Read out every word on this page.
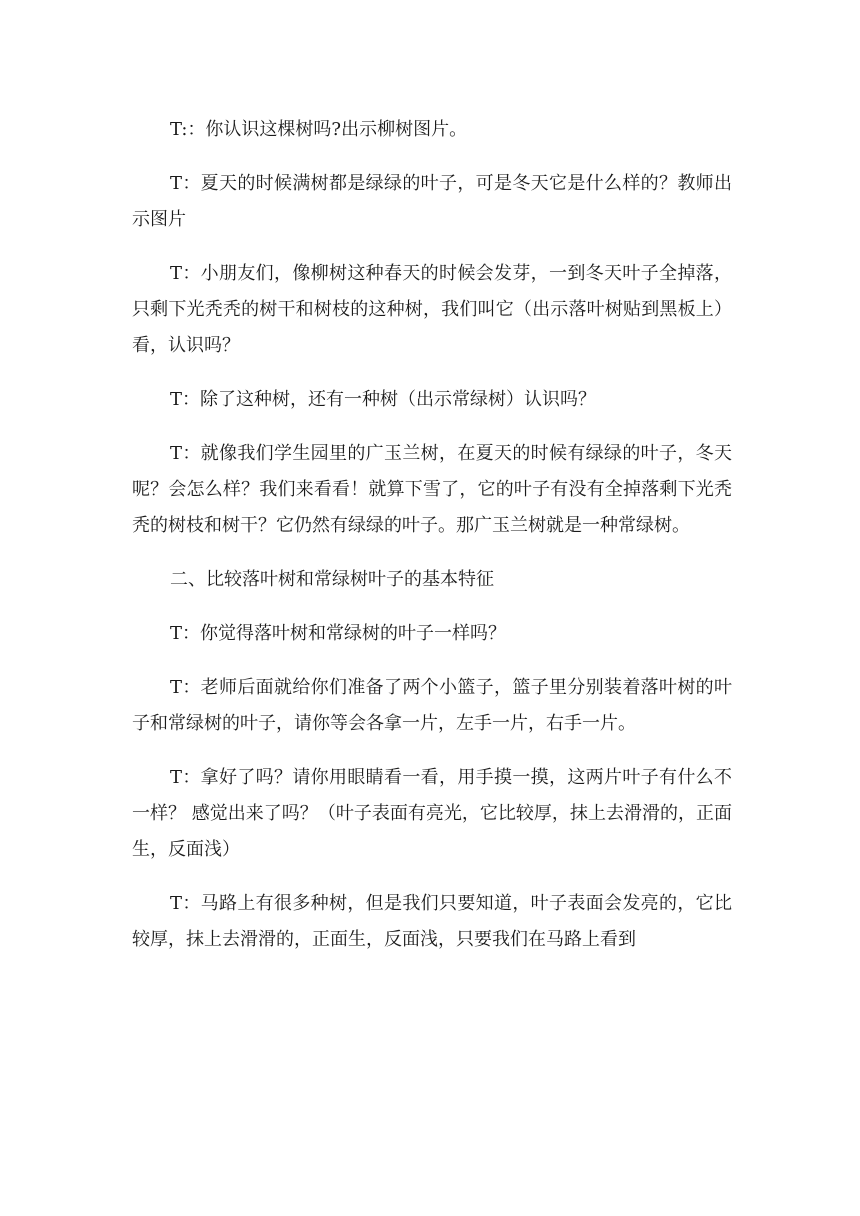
T:：你认识这棵树吗?出示柳树图片。

T：夏天的时候满树都是绿绿的叶子，可是冬天它是什么样的？教师出示图片

T：小朋友们，像柳树这种春天的时候会发芽，一到冬天叶子全掉落，只剩下光秃秃的树干和树枝的这种树，我们叫它（出示落叶树贴到黑板上）看，认识吗？

T：除了这种树，还有一种树（出示常绿树）认识吗？

T：就像我们学生园里的广玉兰树，在夏天的时候有绿绿的叶子，冬天呢？会怎么样？我们来看看！就算下雪了，它的叶子有没有全掉落剩下光秃秃的树枝和树干？它仍然有绿绿的叶子。那广玉兰树就是一种常绿树。

二、比较落叶树和常绿树叶子的基本特征

T：你觉得落叶树和常绿树的叶子一样吗？

T：老师后面就给你们准备了两个小篮子，篮子里分别装着落叶树的叶子和常绿树的叶子，请你等会各拿一片，左手一片，右手一片。

T：拿好了吗？请你用眼睛看一看，用手摸一摸，这两片叶子有什么不一样？ 感觉出来了吗？（叶子表面有亮光，它比较厚，抹上去滑滑的，正面生，反面浅）

T：马路上有很多种树，但是我们只要知道，叶子表面会发亮的，它比较厚，抹上去滑滑的，正面生，反面浅，只要我们在马路上看到
